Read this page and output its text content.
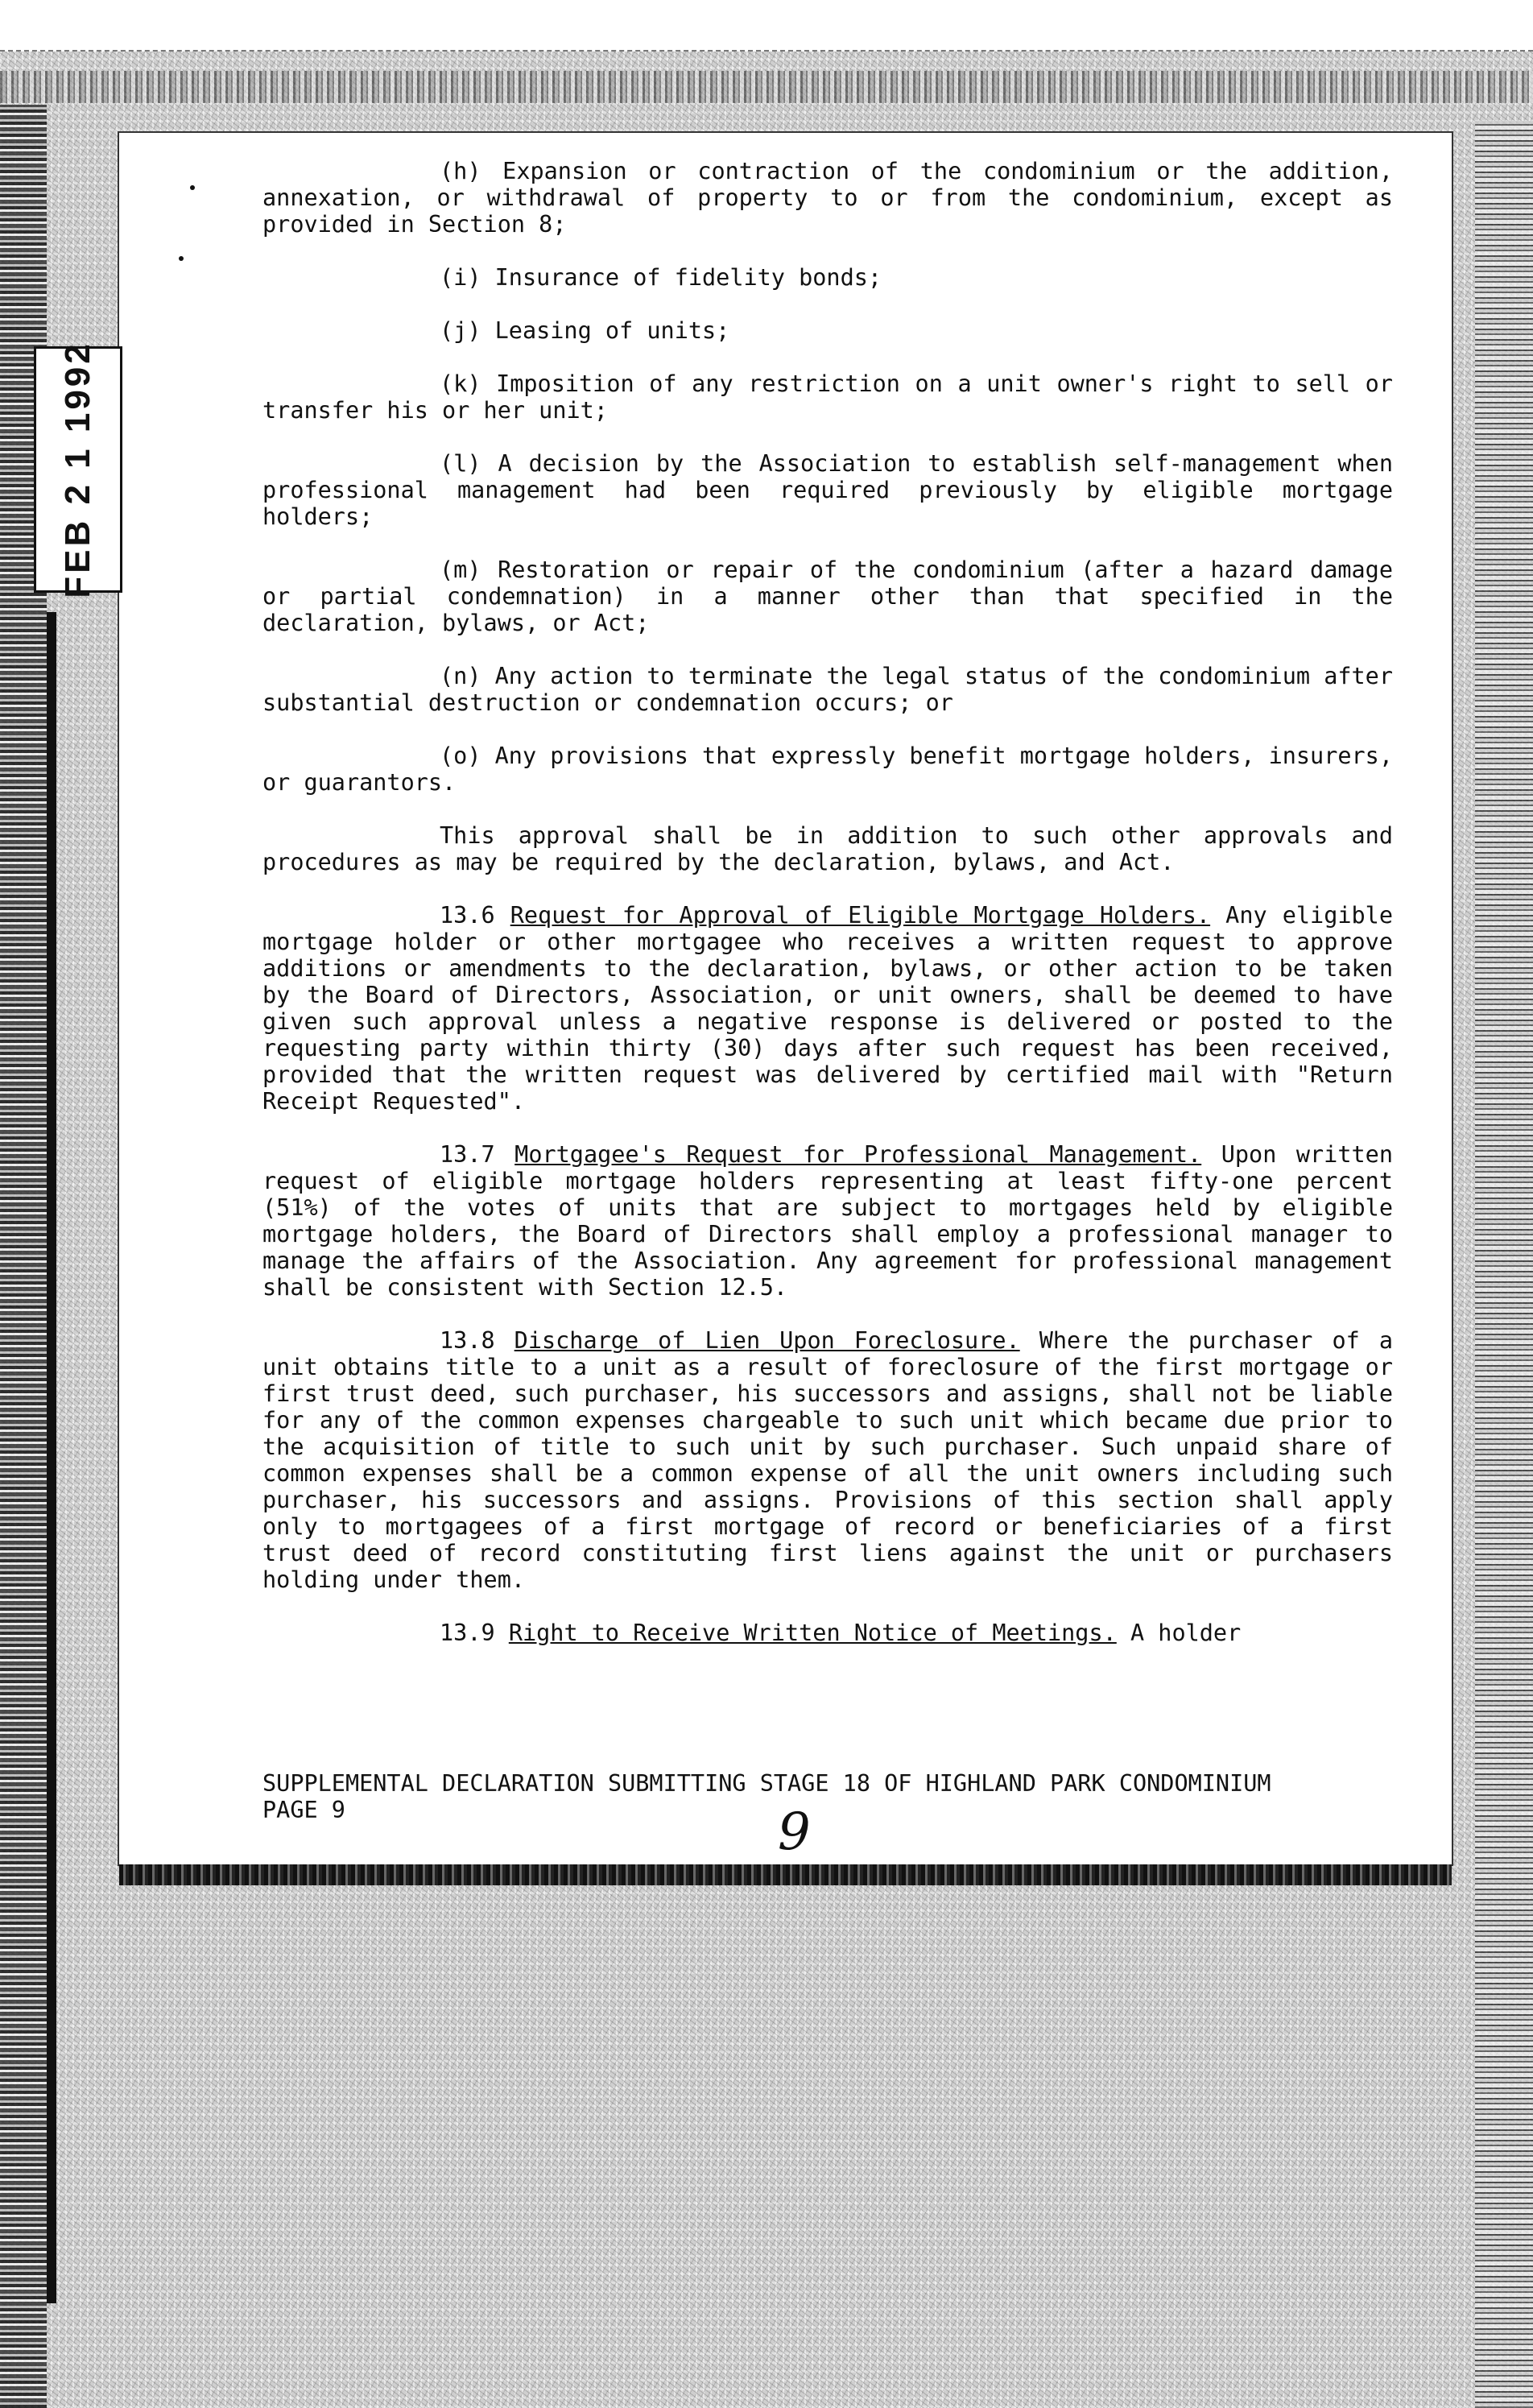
FEB 2 1 1992

(h) Expansion or contraction of the condominium or the addition, annexation, or withdrawal of property to or from the condominium, except as provided in Section 8;

(i) Insurance of fidelity bonds;

(j) Leasing of units;

(k) Imposition of any restriction on a unit owner's right to sell or transfer his or her unit;

(l) A decision by the Association to establish self-management when professional management had been required previously by eligible mortgage holders;

(m) Restoration or repair of the condominium (after a hazard damage or partial condemnation) in a manner other than that specified in the declaration, bylaws, or Act;

(n) Any action to terminate the legal status of the condominium after substantial destruction or condemnation occurs; or

(o) Any provisions that expressly benefit mortgage holders, insurers, or guarantors.

This approval shall be in addition to such other approvals and procedures as may be required by the declaration, bylaws, and Act.

13.6 Request for Approval of Eligible Mortgage Holders. Any eligible mortgage holder or other mortgagee who receives a written request to approve additions or amendments to the declaration, bylaws, or other action to be taken by the Board of Directors, Association, or unit owners, shall be deemed to have given such approval unless a negative response is delivered or posted to the requesting party within thirty (30) days after such request has been received, provided that the written request was delivered by certified mail with "Return Receipt Requested".

13.7 Mortgagee's Request for Professional Management. Upon written request of eligible mortgage holders representing at least fifty-one percent (51%) of the votes of units that are subject to mortgages held by eligible mortgage holders, the Board of Directors shall employ a professional manager to manage the affairs of the Association. Any agreement for professional management shall be consistent with Section 12.5.

13.8 Discharge of Lien Upon Foreclosure. Where the purchaser of a unit obtains title to a unit as a result of foreclosure of the first mortgage or first trust deed, such purchaser, his successors and assigns, shall not be liable for any of the common expenses chargeable to such unit which became due prior to the acquisition of title to such unit by such purchaser. Such unpaid share of common expenses shall be a common expense of all the unit owners including such purchaser, his successors and assigns. Provisions of this section shall apply only to mortgagees of a first mortgage of record or beneficiaries of a first trust deed of record constituting first liens against the unit or purchasers holding under them.

13.9 Right to Receive Written Notice of Meetings. A holder

SUPPLEMENTAL DECLARATION SUBMITTING STAGE 18 OF HIGHLAND PARK CONDOMINIUM
PAGE 9	9
